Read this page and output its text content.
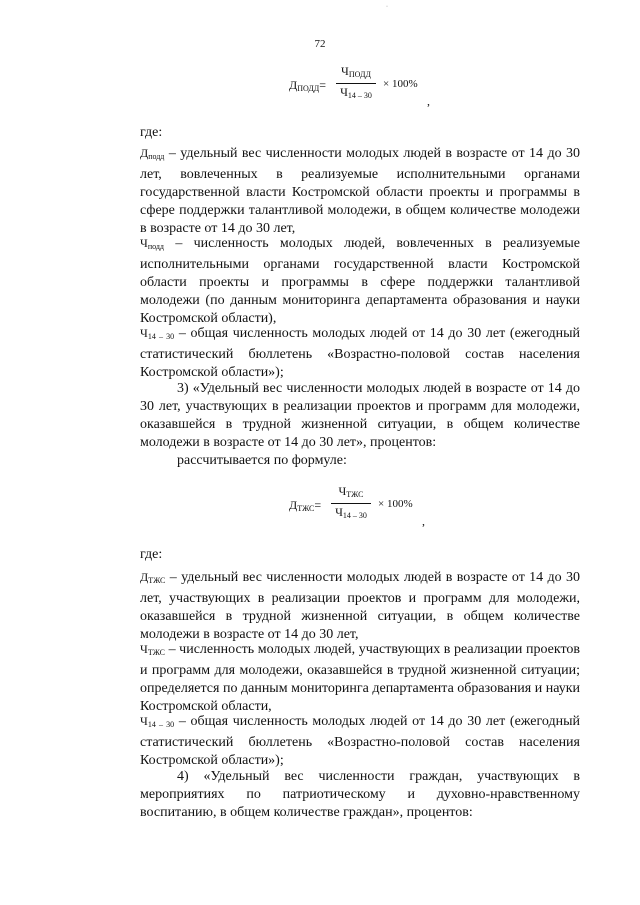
·
72
$Д_{ПОДД}=$
$Ч_{ПОДД}$
$Ч_{14 - 30}$
× 100%
,
где:

$Д_{подд}$ – удельный вес численности молодых людей в возрасте от 14 до 30 лет, вовлеченных в реализуемые исполнительными органами государственной власти Костромской области проекты и программы в сфере поддержки талантливой молодежи, в общем количестве молодежи в возрасте от 14 до 30 лет,

$Ч_{подд}$ – численность молодых людей, вовлеченных в реализуемые исполнительными органами государственной власти Костромской области проекты и программы в сфере поддержки талантливой молодежи (по данным мониторинга департамента образования и науки Костромской области),

$Ч_{14 - 30}$ – общая численность молодых людей от 14 до 30 лет (ежегодный статистический бюллетень «Возрастно-половой состав населения Костромской области»);

3) «Удельный вес численности молодых людей в возрасте от 14 до 30 лет, участвующих в реализации проектов и программ для молодежи, оказавшейся в трудной жизненной ситуации, в общем количестве молодежи в возрасте от 14 до 30 лет», процентов:

рассчитывается по формуле:

$Д_{ТЖС}=$
$Ч_{ТЖС}$
$Ч_{14 - 30}$
× 100%
,
где:

$Д_{ТЖС}$ – удельный вес численности молодых людей в возрасте от 14 до 30 лет, участвующих в реализации проектов и программ для молодежи, оказавшейся в трудной жизненной ситуации, в общем количестве молодежи в возрасте от 14 до 30 лет,

$Ч_{ТЖС}$ – численность молодых людей, участвующих в реализации проектов и программ для молодежи, оказавшейся в трудной жизненной ситуации; определяется по данным мониторинга департамента образования и науки Костромской области,

$Ч_{14 - 30}$ – общая численность молодых людей от 14 до 30 лет (ежегодный статистический бюллетень «Возрастно-половой состав населения Костромской области»);

4) «Удельный вес численности граждан, участвующих в мероприятиях по патриотическому и духовно-нравственному воспитанию, в общем количестве граждан», процентов:
